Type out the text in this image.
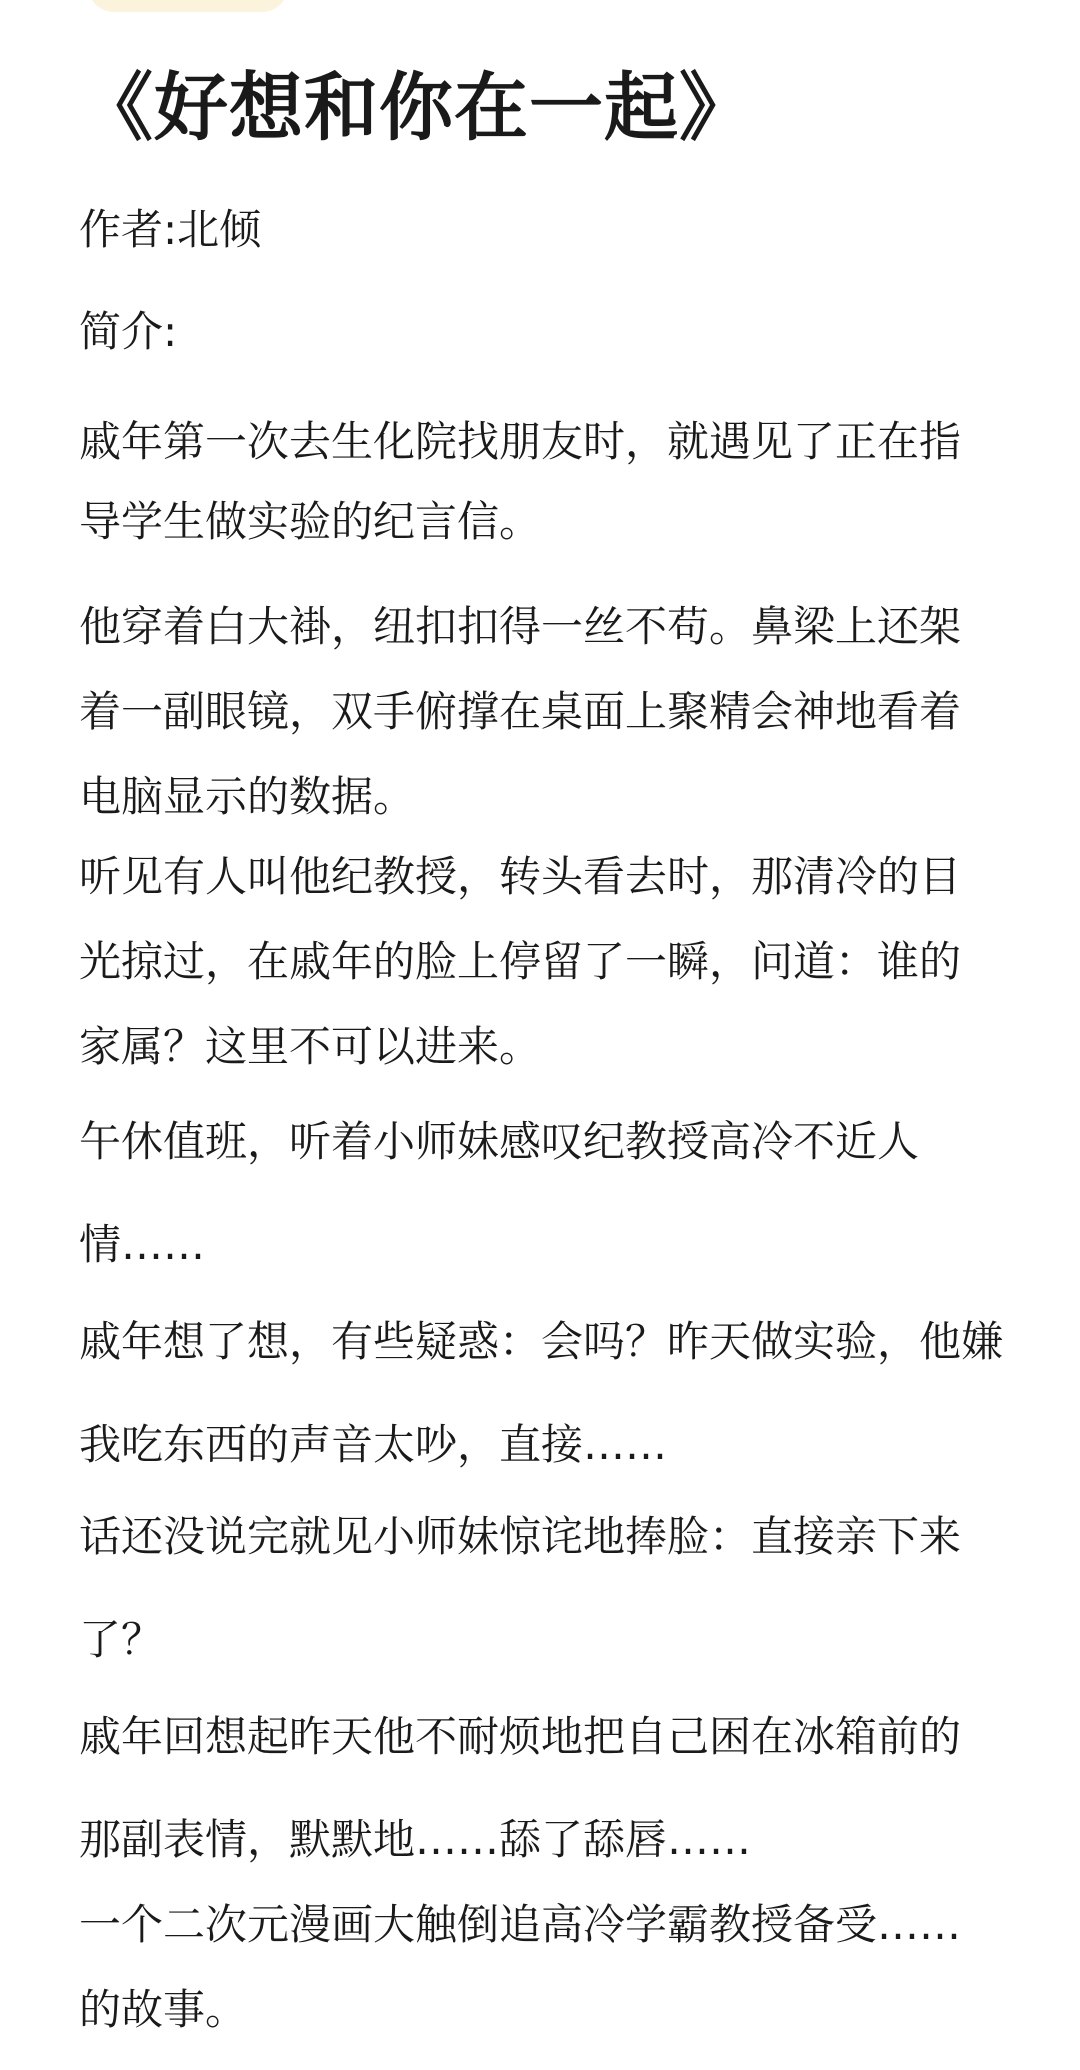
《好想和你在一起》

作者:北倾

简介:

戚年第一次去生化院找朋友时，就遇见了正在指
导学生做实验的纪言信。

他穿着白大褂，纽扣扣得一丝不苟。鼻梁上还架
着一副眼镜，双手俯撑在桌面上聚精会神地看着
电脑显示的数据。

听见有人叫他纪教授，转头看去时，那清冷的目
光掠过，在戚年的脸上停留了一瞬，问道：谁的
家属？这里不可以进来。

午休值班，听着小师妹感叹纪教授高冷不近人
情……

戚年想了想，有些疑惑：会吗？昨天做实验，他嫌
我吃东西的声音太吵，直接……

话还没说完就见小师妹惊诧地捧脸：直接亲下来
了？

戚年回想起昨天他不耐烦地把自己困在冰箱前的
那副表情，默默地……舔了舔唇……

一个二次元漫画大触倒追高冷学霸教授备受……
的故事。
